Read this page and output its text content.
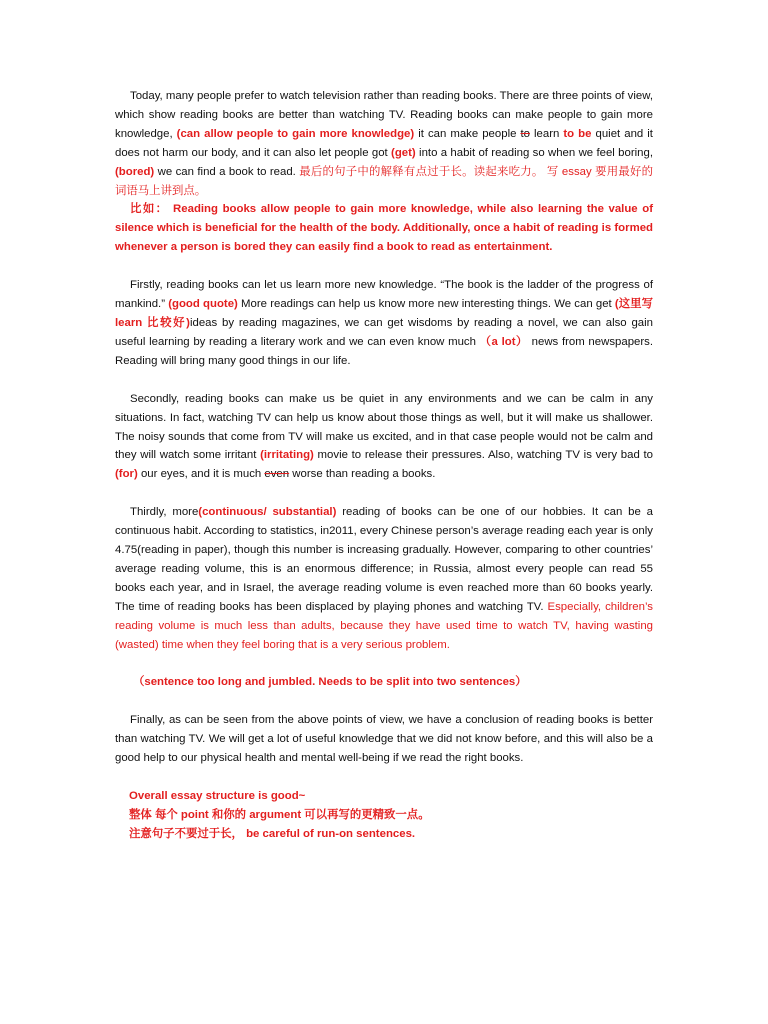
Today, many people prefer to watch television rather than reading books. There are three points of view, which show reading books are better than watching TV. Reading books can make people to gain more knowledge, (can allow people to gain more knowledge) it can make people to learn to be quiet and it does not harm our body, and it can also let people got (get) into a habit of reading so when we feel boring, (bored) we can find a book to read. 最后的句子中的解释有点过于长。读起来吃力。 写 essay 要用最好的词语马上讲到点。

比如： Reading books allow people to gain more knowledge, while also learning the value of silence which is beneficial for the health of the body. Additionally, once a habit of reading is formed whenever a person is bored they can easily find a book to read as entertainment.

Firstly, reading books can let us learn more new knowledge. “The book is the ladder of the progress of mankind.” (good quote) More readings can help us know more new interesting things. We can get (这里写 learn 比较好)ideas by reading magazines, we can get wisdoms by reading a novel, we can also gain useful learning by reading a literary work and we can even know much （a lot） news from newspapers. Reading will bring many good things in our life.

Secondly, reading books can make us be quiet in any environments and we can be calm in any situations. In fact, watching TV can help us know about those things as well, but it will make us shallower. The noisy sounds that come from TV will make us excited, and in that case people would not be calm and they will watch some irritant (irritating) movie to release their pressures. Also, watching TV is very bad to (for) our eyes, and it is much even worse than reading a books.

Thirdly, more(continuous/ substantial) reading of books can be one of our hobbies. It can be a continuous habit. According to statistics, in2011, every Chinese person’s average reading each year is only 4.75(reading in paper), though this number is increasing gradually. However, comparing to other countries’ average reading volume, this is an enormous difference; in Russia, almost every people can read 55 books each year, and in Israel, the average reading volume is even reached more than 60 books yearly. The time of reading books has been displaced by playing phones and watching TV. Especially, children’s reading volume is much less than adults, because they have used time to watch TV, having wasting (wasted) time when they feel boring that is a very serious problem.

（sentence too long and jumbled. Needs to be split into two sentences）

Finally, as can be seen from the above points of view, we have a conclusion of reading books is better than watching TV. We will get a lot of useful knowledge that we did not know before, and this will also be a good help to our physical health and mental well-being if we read the right books.

Overall essay structure is good~
整体 每个 point 和你的 argument 可以再写的更精致一点。
注意句子不要过于长， be careful of run-on sentences.
